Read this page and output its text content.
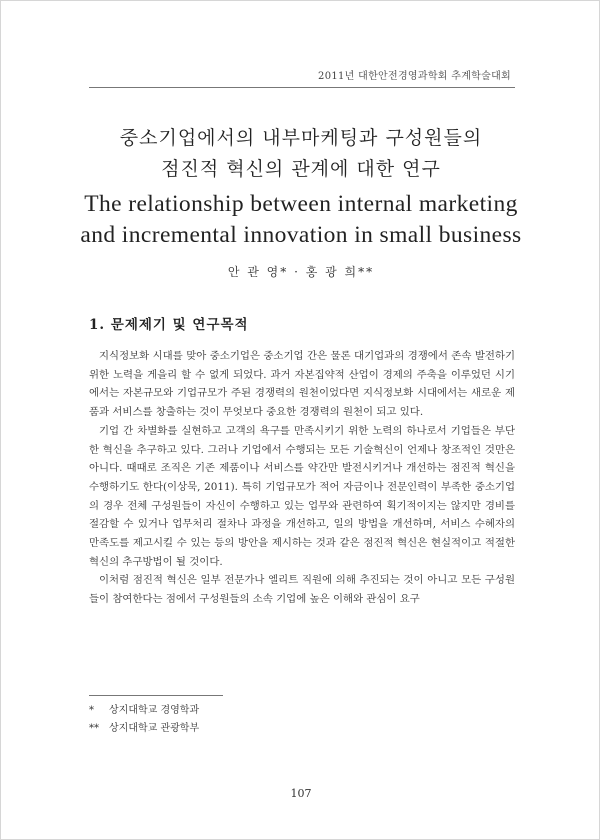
2011년 대한안전경영과학회 추계학술대회
중소기업에서의 내부마케팅과 구성원들의
점진적 혁신의 관계에 대한 연구
The relationship between internal marketing
and incremental innovation in small business
안 관 영* · 홍 광 희**
1. 문제제기 및 연구목적

지식정보화 시대를 맞아 중소기업은 중소기업 간은 물론 대기업과의 경쟁에서 존속 발전하기 위한 노력을 게을리 할 수 없게 되었다. 과거 자본집약적 산업이 경제의 주축을 이루었던 시기에서는 자본규모와 기업규모가 주된 경쟁력의 원천이었다면 지식정보화 시대에서는 새로운 제품과 서비스를 창출하는 것이 무엇보다 중요한 경쟁력의 원천이 되고 있다.

기업 간 차별화를 실현하고 고객의 욕구를 만족시키기 위한 노력의 하나로서 기업들은 부단한 혁신을 추구하고 있다. 그러나 기업에서 수행되는 모든 기술혁신이 언제나 창조적인 것만은 아니다. 때때로 조직은 기존 제품이나 서비스를 약간만 발전시키거나 개선하는 점진적 혁신을 수행하기도 한다(이상묵, 2011). 특히 기업규모가 적어 자금이나 전문인력이 부족한 중소기업의 경우 전체 구성원들이 자신이 수행하고 있는 업무와 관련하여 획기적이지는 않지만 경비를 절감할 수 있거나 업무처리 절차나 과정을 개선하고, 일의 방법을 개선하며, 서비스 수혜자의 만족도를 제고시킬 수 있는 등의 방안을 제시하는 것과 같은 점진적 혁신은 현실적이고 적절한 혁신의 추구방법이 될 것이다.

이처럼 점진적 혁신은 일부 전문가나 엘리트 직원에 의해 추진되는 것이 아니고 모든 구성원들이 참여한다는 점에서 구성원들의 소속 기업에 높은 이해와 관심이 요구

* 상지대학교 경영학과
** 상지대학교 관광학부
107
